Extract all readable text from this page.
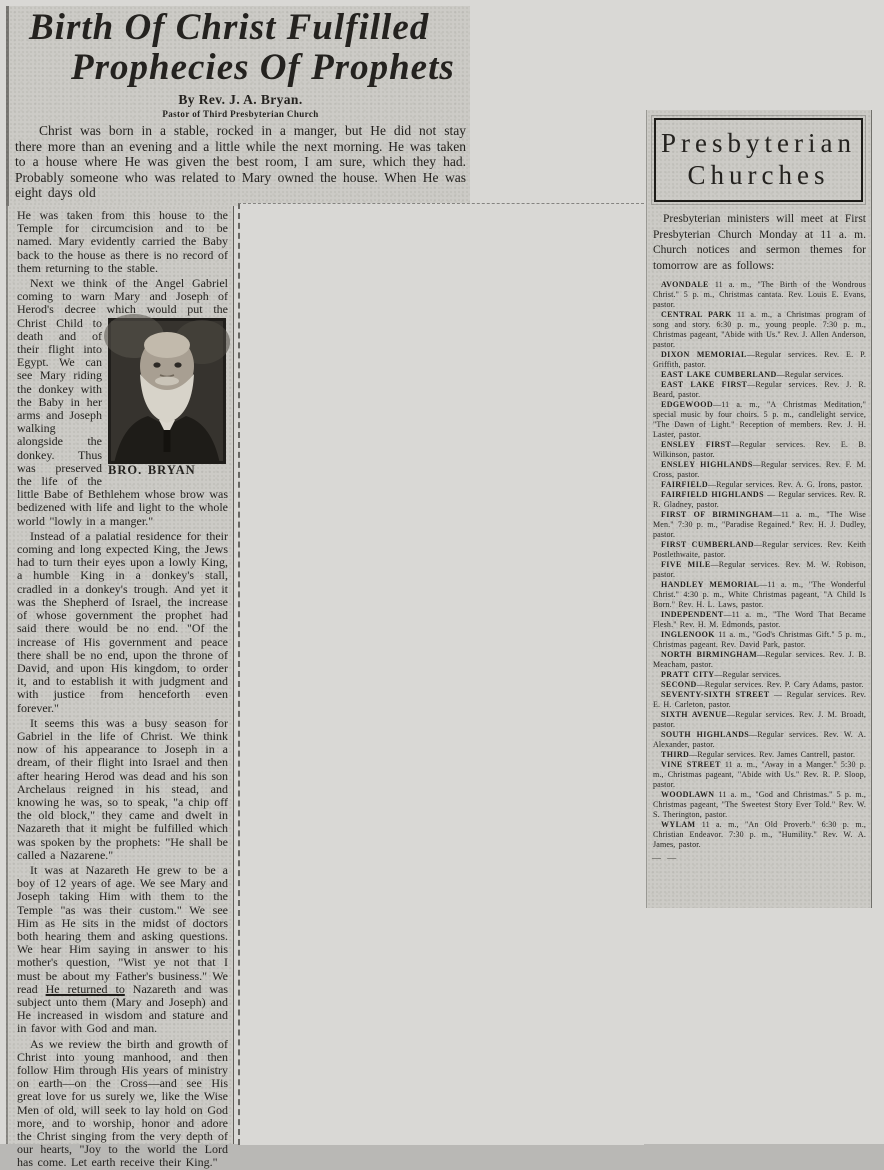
Birth Of Christ Fulfilled
Prophecies Of Prophets
By Rev. J. A. Bryan.
Pastor of Third Presbyterian Church
Christ was born in a stable, rocked in a manger, but He did not stay there more than an evening and a little while the next morning. He was taken to a house where He was given the best room, I am sure, which they had. Probably someone who was related to Mary owned the house. When He was eight days old

He was taken from this house to the Temple for circumcision and to be named. Mary evidently carried the Baby back to the house as there is no record of them returning to the stable.

Next we think of the Angel Gabriel coming to warn Mary and Joseph of Herod's decree which would put the
BRO. BRYAN
Christ Child to death and of their flight into Egypt. We can see Mary riding the donkey with the Baby in her arms and Joseph walking alongside the donkey. Thus was preserved the life of the little Babe of Bethlehem whose brow was bedizened with life and light to the whole world "lowly in a manger."

Instead of a palatial residence for their coming and long expected King, the Jews had to turn their eyes upon a lowly King, a humble King in a donkey's stall, cradled in a donkey's trough. And yet it was the Shepherd of Israel, the increase of whose government the prophet had said there would be no end. "Of the increase of His government and peace there shall be no end, upon the throne of David, and upon His kingdom, to order it, and to establish it with judgment and with justice from henceforth even forever."

It seems this was a busy season for Gabriel in the life of Christ. We think now of his appearance to Joseph in a dream, of their flight into Israel and then after hearing Herod was dead and his son Archelaus reigned in his stead, and knowing he was, so to speak, "a chip off the old block," they came and dwelt in Nazareth that it might be fulfilled which was spoken by the prophets: "He shall be called a Nazarene."

It was at Nazareth He grew to be a boy of 12 years of age. We see Mary and Joseph taking Him with them to the Temple "as was their custom." We see Him as He sits in the midst of doctors both hearing them and asking questions. We hear Him saying in answer to his mother's question, "Wist ye not that I must be about my Father's business." We read He returned to Nazareth and was subject unto them (Mary and Joseph) and He increased in wisdom and stature and in favor with God and man.

As we review the birth and growth of Christ into young manhood, and then follow Him through His years of ministry on earth—on the Cross—and see His great love for us surely we, like the Wise Men of old, will seek to lay hold on God more, and to worship, honor and adore the Christ singing from the very depth of our hearts, "Joy to the world the Lord has come. Let earth receive their King."

Presbyterian
Churches

Presbyterian ministers will meet at First Presbyterian Church Monday at 11 a. m. Church notices and sermon themes for tomorrow are as follows:

AVONDALE 11 a. m., "The Birth of the Wondrous Christ." 5 p. m., Christmas cantata. Rev. Louis E. Evans, pastor.

CENTRAL PARK 11 a. m., a Christmas program of song and story. 6:30 p. m., young people. 7:30 p. m., Christmas pageant, "Abide with Us." Rev. J. Allen Anderson, pastor.

DIXON MEMORIAL—Regular services. Rev. E. P. Griffith, pastor.

EAST LAKE CUMBERLAND—Regular services.

EAST LAKE FIRST—Regular services. Rev. J. R. Beard, pastor.

EDGEWOOD—11 a. m., "A Christmas Meditation," special music by four choirs. 5 p. m., candlelight service, "The Dawn of Light." Reception of members. Rev. J. H. Laster, pastor.

ENSLEY FIRST—Regular services. Rev. E. B. Wilkinson, pastor.

ENSLEY HIGHLANDS—Regular services. Rev. F. M. Cross, pastor.

FAIRFIELD—Regular services. Rev. A. G. Irons, pastor.

FAIRFIELD HIGHLANDS — Regular services. Rev. R. R. Gladney, pastor.

FIRST OF BIRMINGHAM—11 a. m., "The Wise Men." 7:30 p. m., "Paradise Regained." Rev. H. J. Dudley, pastor.

FIRST CUMBERLAND—Regular services. Rev. Keith Postlethwaite, pastor.

FIVE MILE—Regular services. Rev. M. W. Robison, pastor.

HANDLEY MEMORIAL—11 a. m., "The Wonderful Christ." 4:30 p. m., White Christmas pageant, "A Child Is Born." Rev. H. L. Laws, pastor.

INDEPENDENT—11 a. m., "The Word That Became Flesh." Rev. H. M. Edmonds, pastor.

INGLENOOK 11 a. m., "God's Christmas Gift." 5 p. m., Christmas pageant. Rev. David Park, pastor.

NORTH BIRMINGHAM—Regular services. Rev. J. B. Meacham, pastor.

PRATT CITY—Regular services.

SECOND—Regular services. Rev. P. Cary Adams, pastor.

SEVENTY-SIXTH STREET — Regular services. Rev. E. H. Carleton, pastor.

SIXTH AVENUE—Regular services. Rev. J. M. Broadt, pastor.

SOUTH HIGHLANDS—Regular services. Rev. W. A. Alexander, pastor.

THIRD—Regular services. Rev. James Cantrell, pastor.

VINE STREET 11 a. m., "Away in a Manger." 5:30 p. m., Christmas pageant, "Abide with Us." Rev. R. P. Sloop, pastor.

WOODLAWN 11 a. m., "God and Christmas." 5 p. m., Christmas pageant, "The Sweetest Story Ever Told." Rev. W. S. Therington, pastor.

WYLAM 11 a. m., "An Old Proverb." 6:30 p. m., Christian Endeavor. 7:30 p. m., "Humility." Rev. W. A. James, pastor.

— —
